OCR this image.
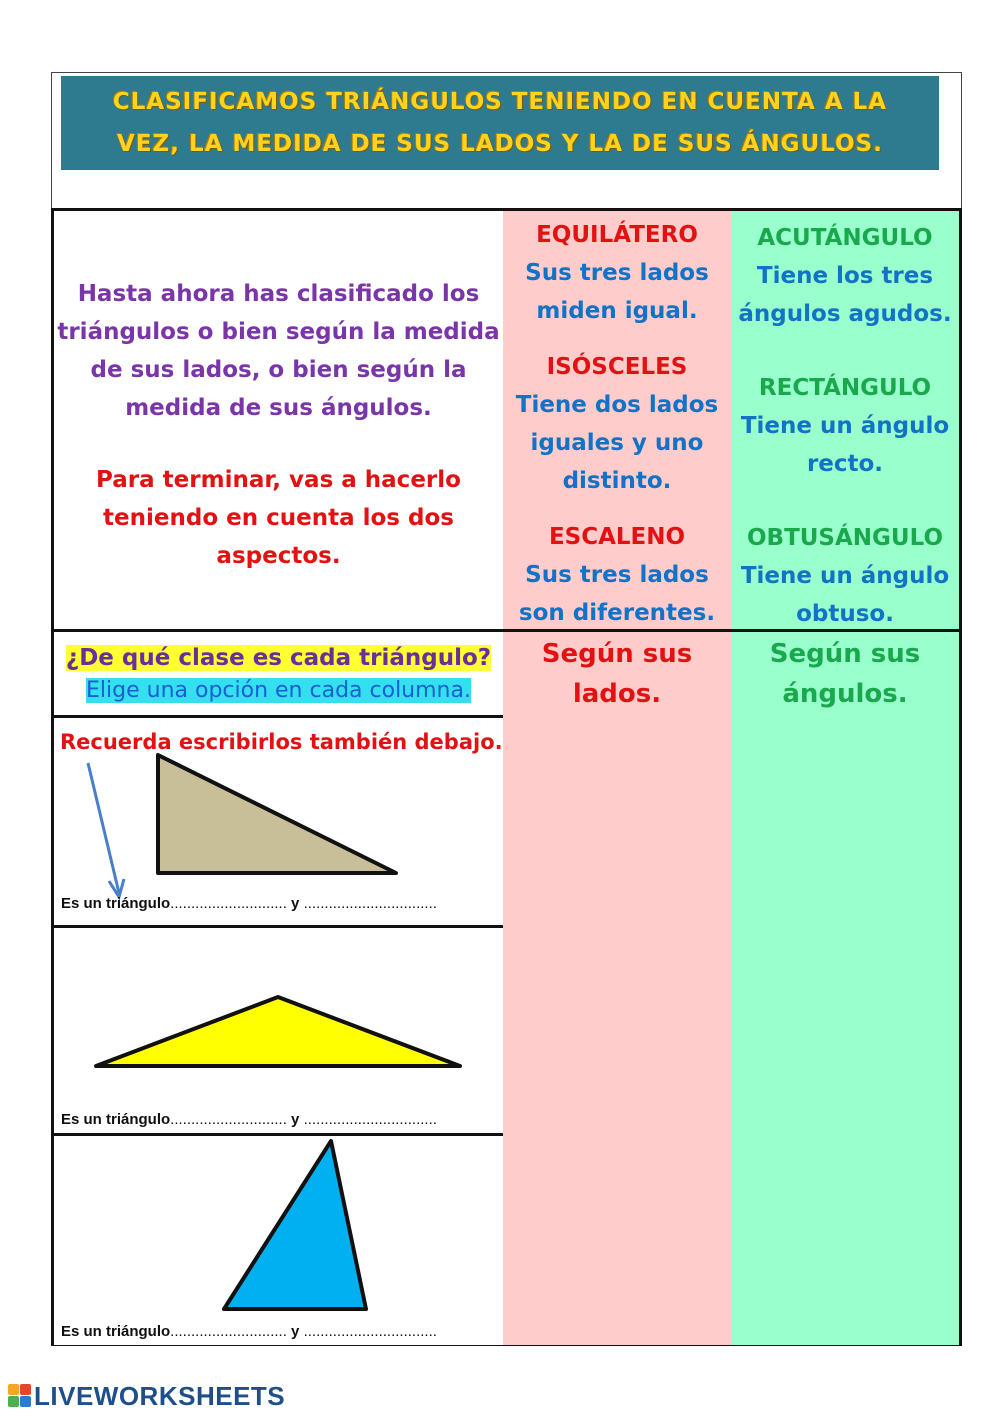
CLASIFICAMOS TRIÁNGULOS TENIENDO EN CUENTA A LA
VEZ, LA MEDIDA DE SUS LADOS Y LA DE SUS ÁNGULOS.
Hasta ahora has clasificado los
triángulos o bien según la medida
de sus lados, o bien según la
medida de sus ángulos.
Para terminar, vas a hacerlo
teniendo en cuenta los dos
aspectos.
EQUILÁTERO
Sus tres lados
miden igual.
ISÓSCELES
Tiene dos lados
iguales y uno
distinto.
ESCALENO
Sus tres lados
son diferentes.
ACUTÁNGULO
Tiene los tres
ángulos agudos.
RECTÁNGULO
Tiene un ángulo
recto.
OBTUSÁNGULO
Tiene un ángulo
obtuso.
¿De qué clase es cada triángulo?
Elige una opción en cada columna.
Según sus
lados.
Según sus
ángulos.
Recuerda escribirlos también debajo.
Es un triángulo............................ y ................................
Es un triángulo............................ y ................................
Es un triángulo............................ y ................................
LIVEWORKSHEETS
